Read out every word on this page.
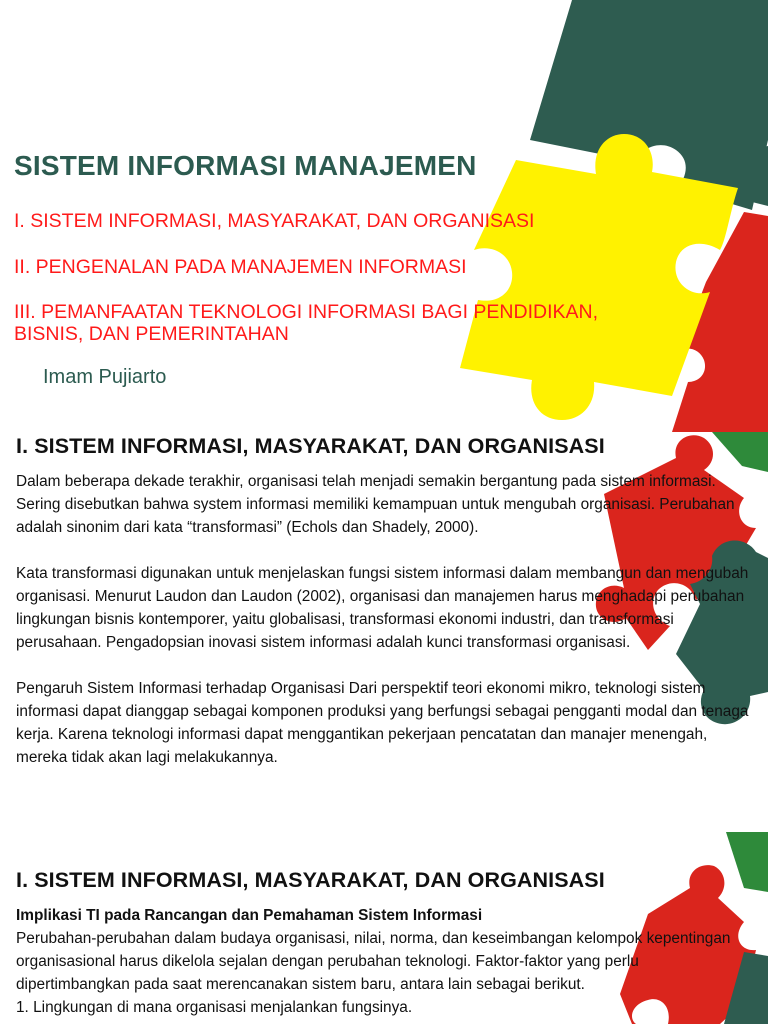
SISTEM INFORMASI MANAJEMEN
I. SISTEM INFORMASI, MASYARAKAT, DAN ORGANISASI
II. PENGENALAN PADA MANAJEMEN INFORMASI
III. PEMANFAATAN TEKNOLOGI INFORMASI BAGI PENDIDIKAN, BISNIS, DAN PEMERINTAHAN
Imam Pujiarto
I. SISTEM INFORMASI, MASYARAKAT, DAN ORGANISASI

Dalam beberapa dekade terakhir, organisasi telah menjadi semakin bergantung pada sistem informasi. Sering disebutkan bahwa system informasi memiliki kemampuan untuk mengubah organisasi. Perubahan adalah sinonim dari kata “transformasi” (Echols dan Shadely, 2000).

Kata transformasi digunakan untuk menjelaskan fungsi sistem informasi dalam membangun dan mengubah organisasi. Menurut Laudon dan Laudon (2002), organisasi dan manajemen harus menghadapi perubahan lingkungan bisnis kontemporer, yaitu globalisasi, transformasi ekonomi industri, dan transformasi perusahaan. Pengadopsian inovasi sistem informasi adalah kunci transformasi organisasi.

Pengaruh Sistem Informasi terhadap Organisasi Dari perspektif teori ekonomi mikro, teknologi sistem informasi dapat dianggap sebagai komponen produksi yang berfungsi sebagai pengganti modal dan tenaga kerja. Karena teknologi informasi dapat menggantikan pekerjaan pencatatan dan manajer menengah, mereka tidak akan lagi melakukannya.

I. SISTEM INFORMASI, MASYARAKAT, DAN ORGANISASI
Implikasi TI pada Rancangan dan Pemahaman Sistem Informasi
Perubahan-perubahan dalam budaya organisasi, nilai, norma, dan keseimbangan kelompok kepentingan organisasional harus dikelola sejalan dengan perubahan teknologi. Faktor-faktor yang perlu dipertimbangkan pada saat merencanakan sistem baru, antara lain sebagai berikut.
1. Lingkungan di mana organisasi menjalankan fungsinya.
